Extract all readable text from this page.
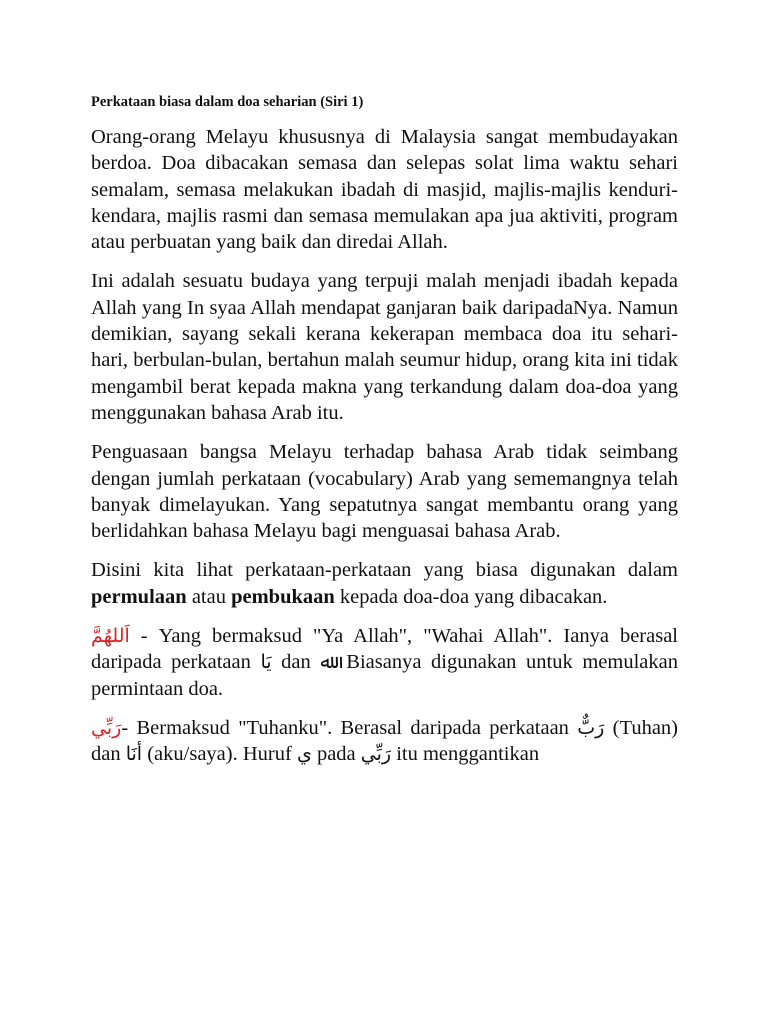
Perkataan biasa dalam doa seharian (Siri 1)

Orang-orang Melayu khususnya di Malaysia sangat membudayakan berdoa. Doa dibacakan semasa dan selepas solat lima waktu sehari semalam, semasa melakukan ibadah di masjid, majlis-majlis kenduri-kendara, majlis rasmi dan semasa memulakan apa jua aktiviti, program atau perbuatan yang baik dan diredai Allah.

Ini adalah sesuatu budaya yang terpuji malah menjadi ibadah kepada Allah yang In syaa Allah mendapat ganjaran baik daripadaNya. Namun demikian, sayang sekali kerana kekerapan membaca doa itu sehari-hari, berbulan-bulan, bertahun malah seumur hidup, orang kita ini tidak mengambil berat kepada makna yang terkandung dalam doa-doa yang menggunakan bahasa Arab itu.

Penguasaan bangsa Melayu terhadap bahasa Arab tidak seimbang dengan jumlah perkataan (vocabulary) Arab yang sememangnya telah banyak dimelayukan. Yang sepatutnya sangat membantu orang yang berlidahkan bahasa Melayu bagi menguasai bahasa Arab.

Disini kita lihat perkataan-perkataan yang biasa digunakan dalam permulaan atau pembukaan kepada doa-doa yang dibacakan.

اَللهُمَّ - Yang bermaksud "Ya Allah", "Wahai Allah". Ianya berasal daripada perkataan يَا dan ﷲ. Biasanya digunakan untuk memulakan permintaan doa.

رَبِّي- Bermaksud "Tuhanku". Berasal daripada perkataan رَبٌّ (Tuhan) dan أنَا (aku/saya). Huruf ي pada رَبِّي itu menggantikan
